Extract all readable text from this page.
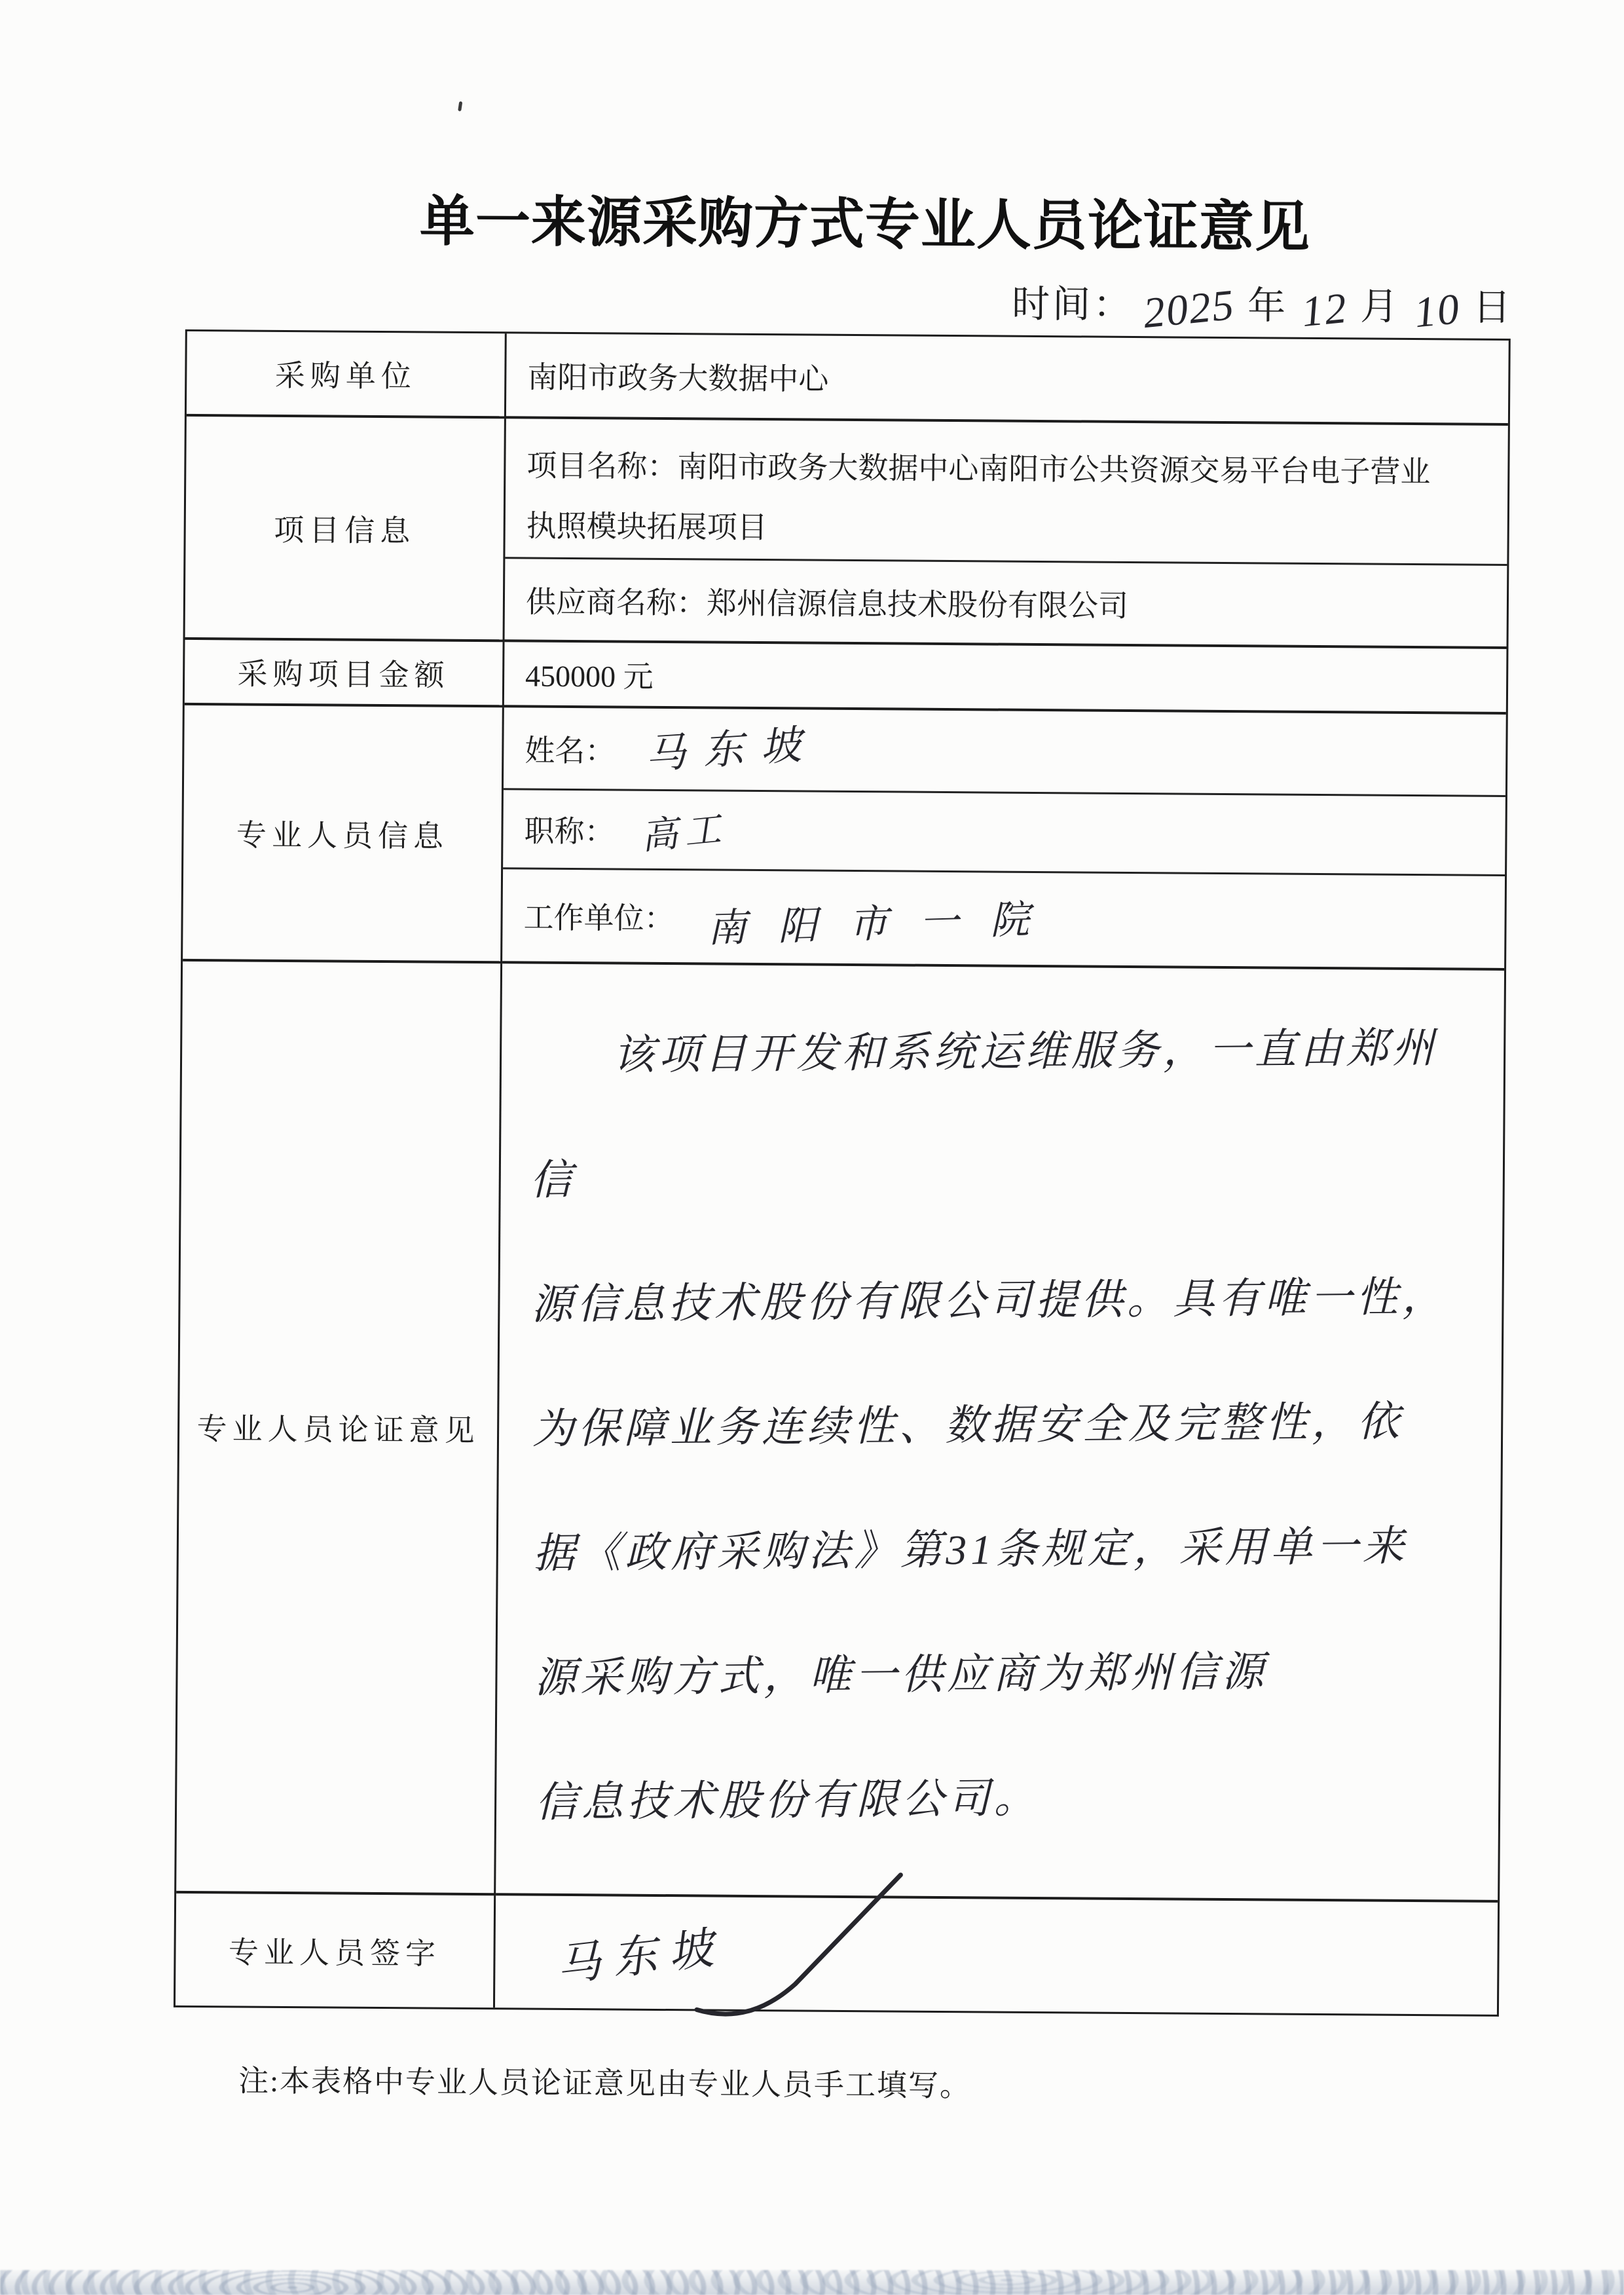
单一来源采购方式专业人员论证意见
时间： 2025 年 12 月 10 日
采购单位	南阳市政务大数据中心
项目信息
项目名称：南阳市政务大数据中心南阳市公共资源交易平台电子营业执照模块拓展项目
供应商名称：郑州信源信息技术股份有限公司
采购项目金额	450000 元
专业人员信息
姓名： 马东坡
职称： 高工
工作单位： 南阳市一院
专业人员论证意见
该项目开发和系统运维服务，一直由郑州信
源信息技术股份有限公司提供。具有唯一性，
为保障业务连续性、数据安全及完整性，依
据《政府采购法》第31条规定，采用单一来
源采购方式，唯一供应商为郑州信源
信息技术股份有限公司。
专业人员签字	马东坡
注:本表格中专业人员论证意见由专业人员手工填写。
